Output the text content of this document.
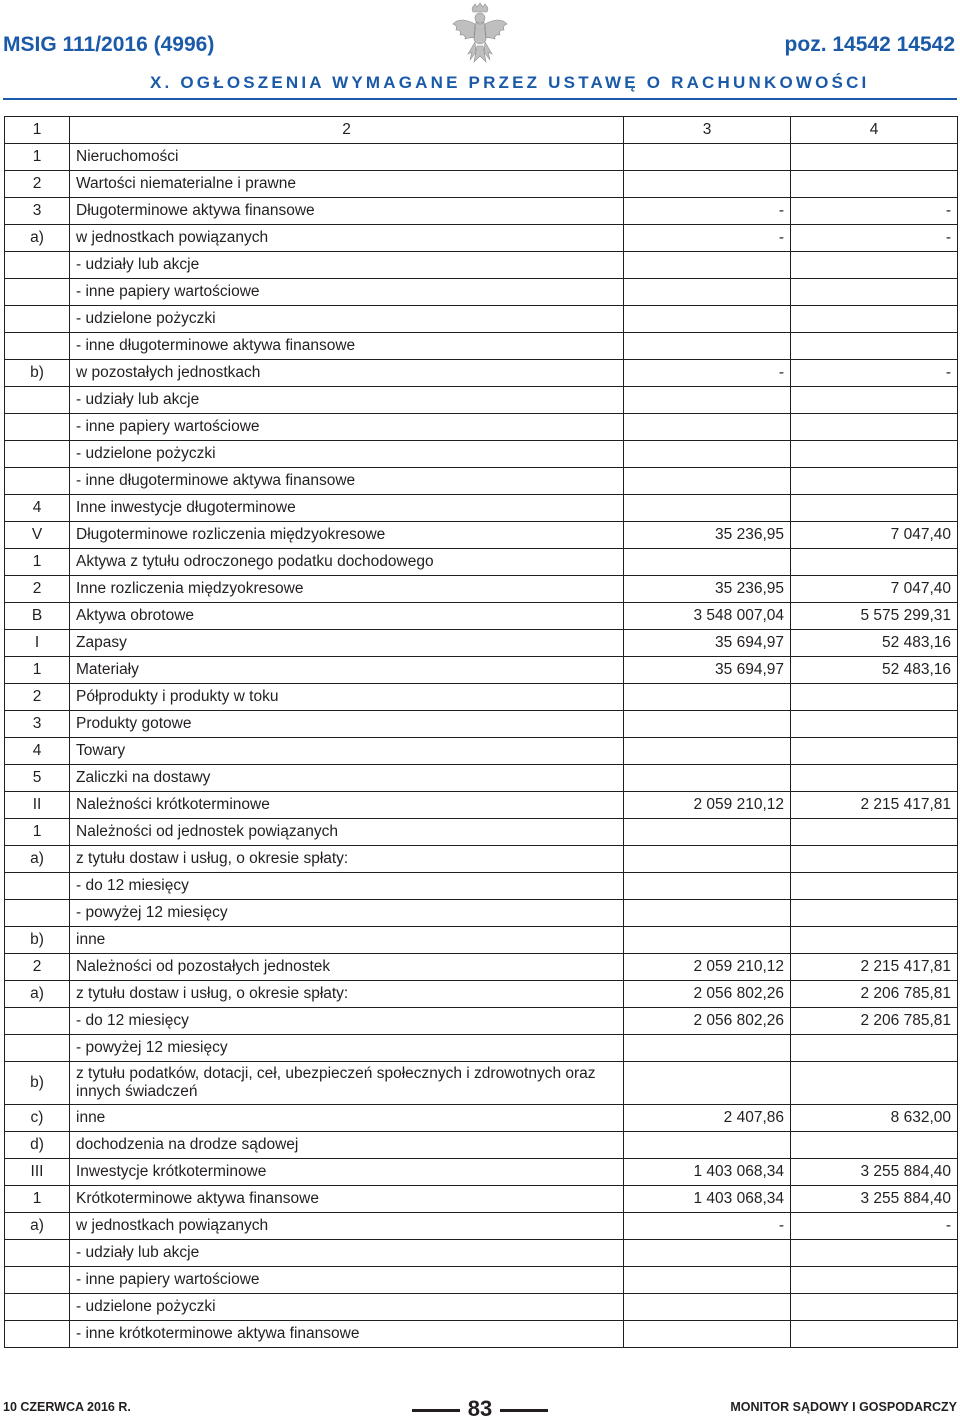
MSIG 111/2016 (4996)	poz. 14542 14542
X. OGŁOSZENIA WYMAGANE PRZEZ USTAWĘ O RACHUNKOWOŚCI
1	2	3	4
1	Nieruchomości		
2	Wartości niematerialne i prawne		
3	Długoterminowe aktywa finansowe	-	-
a)	w jednostkach powiązanych	-	-
	- udziały lub akcje		
	- inne papiery wartościowe		
	- udzielone pożyczki		
	- inne długoterminowe aktywa finansowe		
b)	w pozostałych jednostkach	-	-
	- udziały lub akcje		
	- inne papiery wartościowe		
	- udzielone pożyczki		
	- inne długoterminowe aktywa finansowe		
4	Inne inwestycje długoterminowe		
V	Długoterminowe rozliczenia międzyokresowe	35 236,95	7 047,40
1	Aktywa z tytułu odroczonego podatku dochodowego		
2	Inne rozliczenia międzyokresowe	35 236,95	7 047,40
B	Aktywa obrotowe	3 548 007,04	5 575 299,31
I	Zapasy	35 694,97	52 483,16
1	Materiały	35 694,97	52 483,16
2	Półprodukty i produkty w toku		
3	Produkty gotowe		
4	Towary		
5	Zaliczki na dostawy		
II	Należności krótkoterminowe	2 059 210,12	2 215 417,81
1	Należności od jednostek powiązanych		
a)	z tytułu dostaw i usług, o okresie spłaty:		
	- do 12 miesięcy		
	- powyżej 12 miesięcy		
b)	inne		
2	Należności od pozostałych jednostek	2 059 210,12	2 215 417,81
a)	z tytułu dostaw i usług, o okresie spłaty:	2 056 802,26	2 206 785,81
	- do 12 miesięcy	2 056 802,26	2 206 785,81
	- powyżej 12 miesięcy		
b)	z tytułu podatków, dotacji, ceł, ubezpieczeń społecznych i zdrowotnych oraz innych świadczeń		
c)	inne	2 407,86	8 632,00
d)	dochodzenia na drodze sądowej		
III	Inwestycje krótkoterminowe	1 403 068,34	3 255 884,40
1	Krótkoterminowe aktywa finansowe	1 403 068,34	3 255 884,40
a)	w jednostkach powiązanych	-	-
	- udziały lub akcje		
	- inne papiery wartościowe		
	- udzielone pożyczki		
	- inne krótkoterminowe aktywa finansowe		
10 CZERWCA 2016 R.	83	MONITOR SĄDOWY I GOSPODARCZY
